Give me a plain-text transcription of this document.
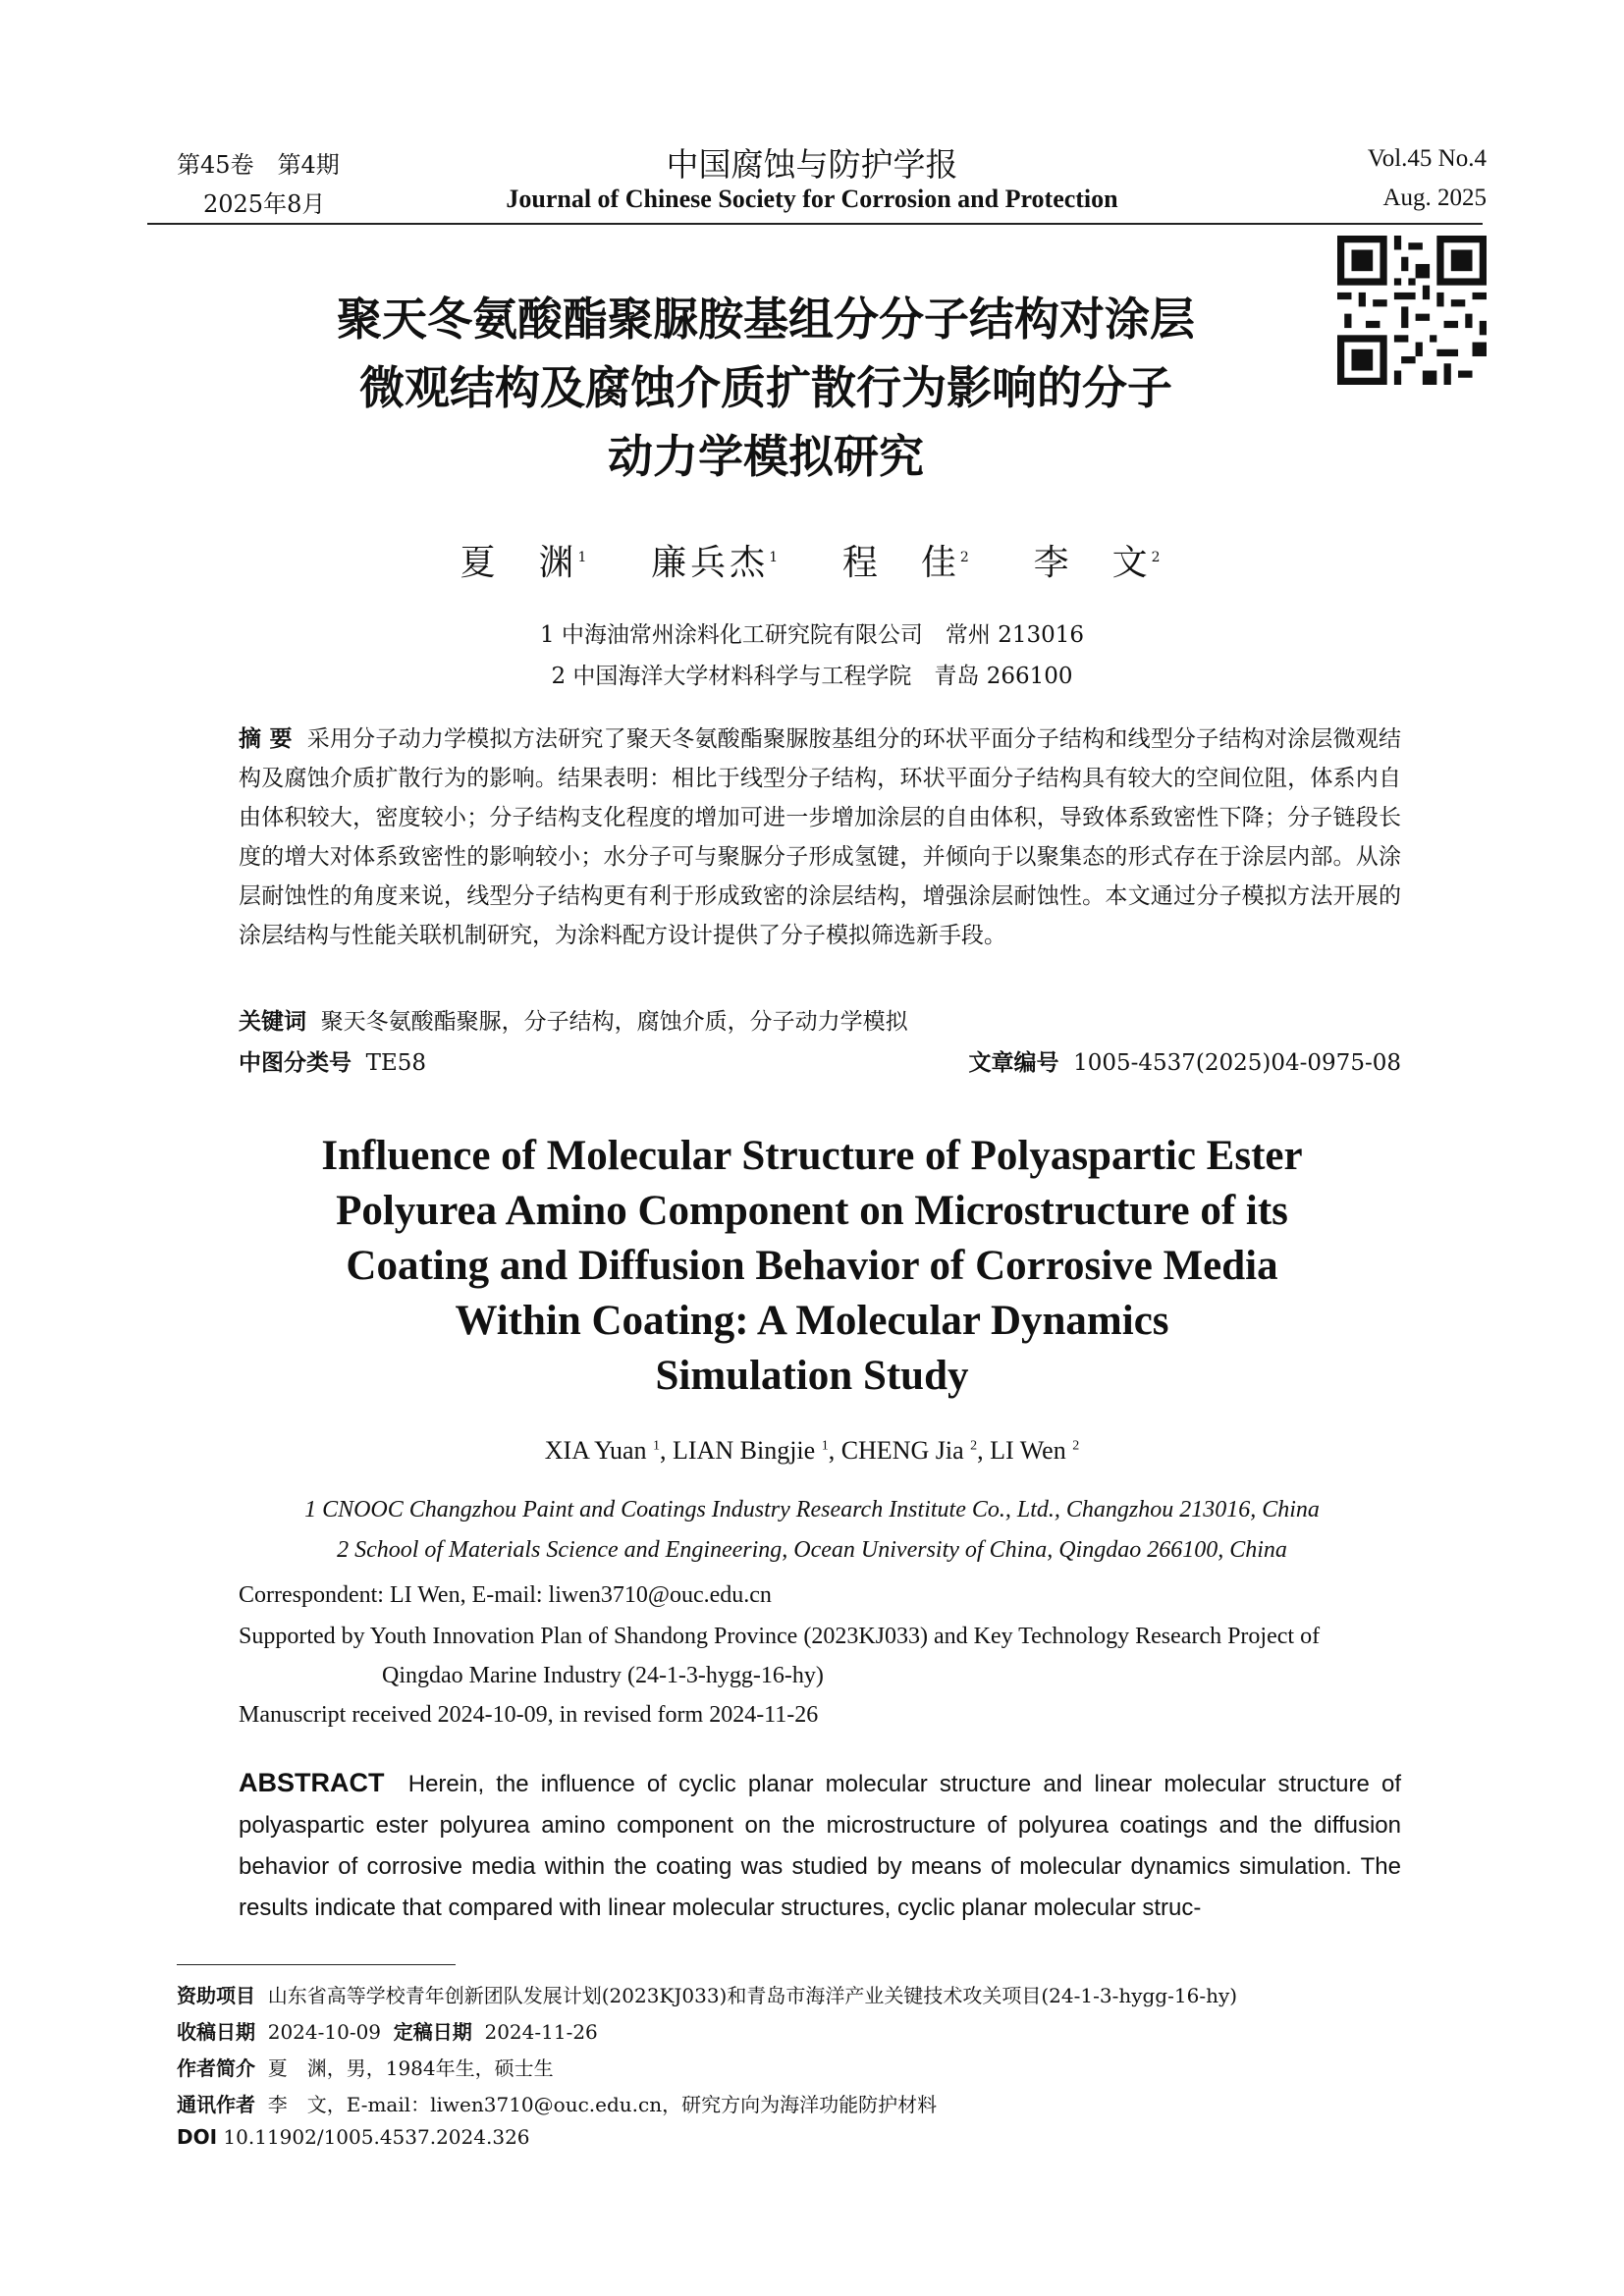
第45卷　第4期
2025年8月
中国腐蚀与防护学报
Journal of Chinese Society for Corrosion and Protection
Vol.45 No.4
Aug. 2025
聚天冬氨酸酯聚脲胺基组分分子结构对涂层
微观结构及腐蚀介质扩散行为影响的分子
动力学模拟研究
夏　渊$^1$ 廉兵杰$^1$ 程　佳$^2$ 李　文$^2$
1 中海油常州涂料化工研究院有限公司　常州 213016
2 中国海洋大学材料科学与工程学院　青岛 266100
摘 要 采用分子动力学模拟方法研究了聚天冬氨酸酯聚脲胺基组分的环状平面分子结构和线型分子结构对涂层微观结构及腐蚀介质扩散行为的影响。结果表明：相比于线型分子结构，环状平面分子结构具有较大的空间位阻，体系内自由体积较大，密度较小；分子结构支化程度的增加可进一步增加涂层的自由体积，导致体系致密性下降；分子链段长度的增大对体系致密性的影响较小；水分子可与聚脲分子形成氢键，并倾向于以聚集态的形式存在于涂层内部。从涂层耐蚀性的角度来说，线型分子结构更有利于形成致密的涂层结构，增强涂层耐蚀性。本文通过分子模拟方法开展的涂层结构与性能关联机制研究，为涂料配方设计提供了分子模拟筛选新手段。
关键词 聚天冬氨酸酯聚脲，分子结构，腐蚀介质，分子动力学模拟
中图分类号 TE58	文章编号 1005-4537(2025)04-0975-08
Influence of Molecular Structure of Polyaspartic Ester
Polyurea Amino Component on Microstructure of its
Coating and Diffusion Behavior of Corrosive Media
Within Coating: A Molecular Dynamics
Simulation Study
XIA Yuan $^1$, LIAN Bingjie $^1$, CHENG Jia $^2$, LI Wen $^2$
1 CNOOC Changzhou Paint and Coatings Industry Research Institute Co., Ltd., Changzhou 213016, China
2 School of Materials Science and Engineering, Ocean University of China, Qingdao 266100, China
Correspondent: LI Wen, E-mail: liwen3710@ouc.edu.cn
Supported by Youth Innovation Plan of Shandong Province (2023KJ033) and Key Technology Research Project of
Qingdao Marine Industry (24-1-3-hygg-16-hy)
Manuscript received 2024-10-09, in revised form 2024-11-26
ABSTRACT Herein, the influence of cyclic planar molecular structure and linear molecular structure of polyaspartic ester polyurea amino component on the microstructure of polyurea coatings and the diffusion behavior of corrosive media within the coating was studied by means of molecular dynamics simulation. The results indicate that compared with linear molecular structures, cyclic planar molecular struc-
资助项目 山东省高等学校青年创新团队发展计划(2023KJ033)和青岛市海洋产业关键技术攻关项目(24-1-3-hygg-16-hy)
收稿日期 2024-10-09 定稿日期 2024-11-26
作者简介 夏　渊，男，1984年生，硕士生
通讯作者 李　文，E-mail：liwen3710@ouc.edu.cn，研究方向为海洋功能防护材料
DOI 10.11902/1005.4537.2024.326
